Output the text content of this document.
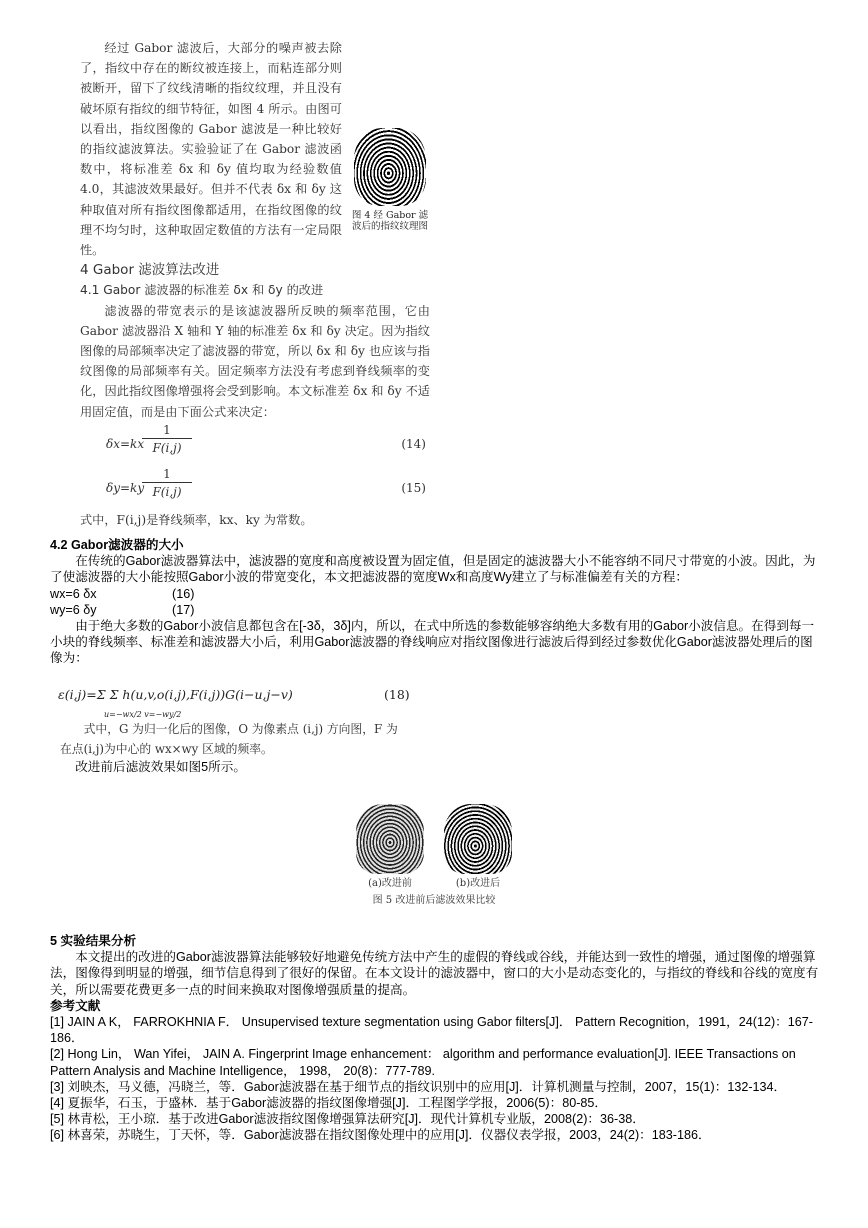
经过 Gabor 滤波后，大部分的噪声被去除了，指纹中存在的断纹被连接上，而粘连部分则被断开，留下了纹线清晰的指纹纹理，并且没有破坏原有指纹的细节特征，如图 4 所示。由图可以看出，指纹图像的 Gabor 滤波是一种比较好的指纹滤波算法。实验验证了在 Gabor 滤波函数中，将标准差 δx 和 δy 值均取为经验数值 4.0，其滤波效果最好。但并不代表 δx 和 δy 这种取值对所有指纹图像都适用，在指纹图像的纹理不均匀时，这种取固定数值的方法有一定局限性。

4 Gabor 滤波算法改进

4.1 Gabor 滤波器的标准差 δx 和 δy 的改进

滤波器的带宽表示的是该滤波器所反映的频率范围，它由 Gabor 滤波器沿 X 轴和 Y 轴的标准差 δx 和 δy 决定。因为指纹图像的局部频率决定了滤波器的带宽，所以 δx 和 δy 也应该与指纹图像的局部频率有关。固定频率方法没有考虑到脊线频率的变化，因此指纹图像增强将会受到影响。本文标准差 δx 和 δy 不适用固定值，而是由下面公式来决定：

δx=kx
$\frac{1}{F(i,j)}$	(14)
δy=ky
$\frac{1}{F(i,j)}$	(15)

式中，F(i,j)是脊线频率，kx、ky 为常数。

图 4 经 Gabor 滤波后的指纹纹理图

4.2 Gabor滤波器的大小

在传统的Gabor滤波器算法中，滤波器的宽度和高度被设置为固定值，但是固定的滤波器大小不能容纳不同尺寸带宽的小波。因此，为了使滤波器的大小能按照Gabor小波的带宽变化，本文把滤波器的宽度Wx和高度Wy建立了与标准偏差有关的方程：

wx=6 δx	(16)

wy=6 δy	(17)

由于绝大多数的Gabor小波信息都包含在[-3δ，3δ]内，所以，在式中所选的参数能够容纳绝大多数有用的Gabor小波信息。在得到每一小块的脊线频率、标准差和滤波器大小后，利用Gabor滤波器的脊线响应对指纹图像进行滤波后得到经过参数优化Gabor滤波器处理后的图像为：

ε(i,j)=Σ Σ h(u,v,o(i,j),F(i,j))G(i−u,j−v)
u=−wx/2 v=−wy/2
(18)

式中，G 为归一化后的图像，O 为像素点 (i,j) 方向图，F 为在点(i,j)为中心的 wx×wy 区域的频率。

改进前后滤波效果如图5所示。

(a)改进前	(b)改进后
图 5 改进前后滤波效果比较

5 实验结果分析

本文提出的改进的Gabor滤波器算法能够较好地避免传统方法中产生的虚假的脊线或谷线，并能达到一致性的增强，通过图像的增强算法，图像得到明显的增强，细节信息得到了很好的保留。在本文设计的滤波器中，窗口的大小是动态变化的，与指纹的脊线和谷线的宽度有关，所以需要花费更多一点的时间来换取对图像增强质量的提高。

参考文献

[1] JAIN A K， FARROKHNIA F． Unsupervised texture segmentation using Gabor filters[J]． Pattern Recognition，1991，24(12)：167-186．

[2] Hong Lin， Wan Yifei， JAIN A. Fingerprint Image enhancement： algorithm and performance evaluation[J]. IEEE Transactions on Pattern Analysis and Machine Intelligence， 1998， 20(8)：777-789.

[3] 刘映杰，马义德，冯晓兰，等．Gabor滤波器在基于细节点的指纹识别中的应用[J]．计算机测量与控制，2007，15(1)：132-134．

[4] 夏振华，石玉，于盛林．基于Gabor滤波器的指纹图像增强[J]．工程图学学报，2006(5)：80-85．

[5] 林青松，王小琼．基于改进Gabor滤波指纹图像增强算法研究[J]．现代计算机专业版，2008(2)：36-38．

[6] 林喜荣，苏晓生，丁天怀，等．Gabor滤波器在指纹图像处理中的应用[J]．仪器仪表学报，2003，24(2)：183-186．
